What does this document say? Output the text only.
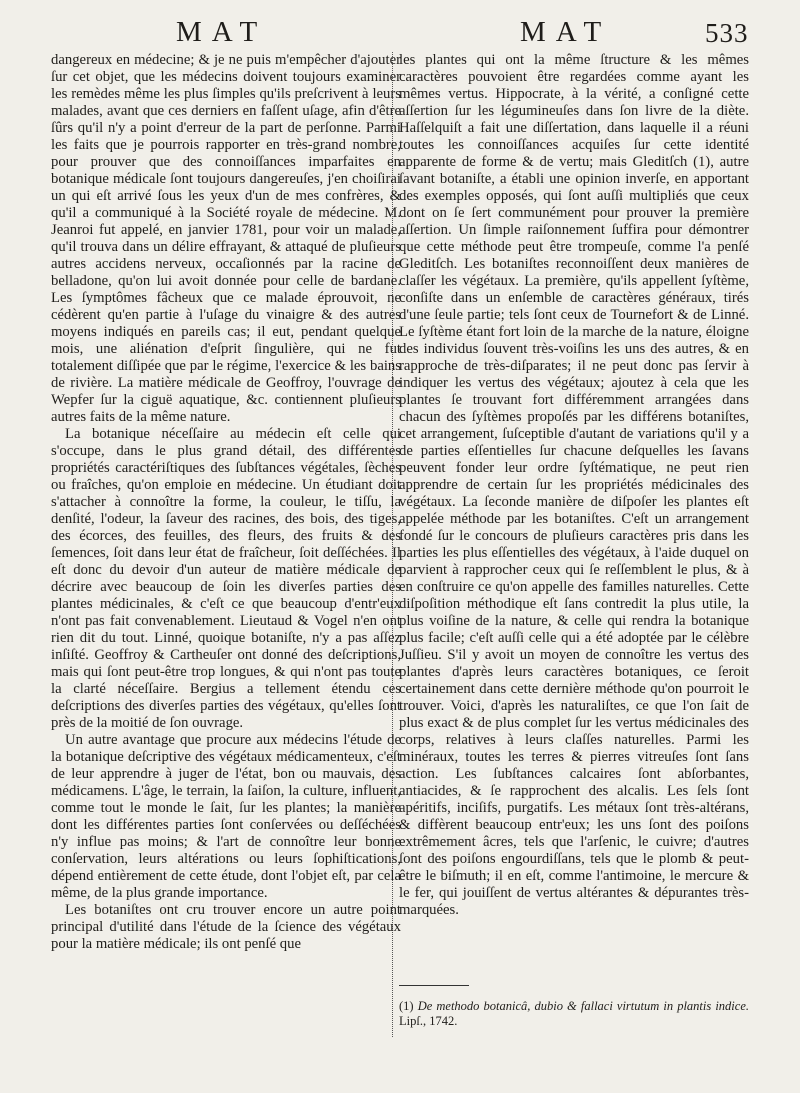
MAT	MAT	533

dangereux en médecine; & je ne puis m'empêcher d'ajouter ſur cet objet, que les médecins doivent toujours examiner les remèdes même les plus ſimples qu'ils preſcrivent à leurs malades, avant que ces derniers en faſſent uſage, afin d'être ſûrs qu'il n'y a point d'erreur de la part de perſonne. Parmi les faits que je pourrois rapporter en très-grand nombre, pour prouver que des connoiſſances imparfaites en botanique médicale ſont toujours dangereuſes, j'en choiſirai un qui eſt arrivé ſous les yeux d'un de mes confrères, & qu'il a communiqué à la Société royale de médecine. M. Jeanroi fut appelé, en janvier 1781, pour voir un malade, qu'il trouva dans un délire effrayant, & attaqué de pluſieurs autres accidens nerveux, occaſionnés par la racine de belladone, qu'on lui avoit donnée pour celle de bardane. Les ſymptômes fâcheux que ce malade éprouvoit, ne cédèrent qu'en partie à l'uſage du vinaigre & des autres moyens indiqués en pareils cas; il eut, pendant quelque mois, une aliénation d'eſprit ſingulière, qui ne fut totalement diſſipée que par le régime, l'exercice & les bains de rivière. La matière médicale de Geoffroy, l'ouvrage de Wepfer ſur la ciguë aquatique, &c. contiennent pluſieurs autres faits de la même nature.

La botanique néceſſaire au médecin eſt celle qui s'occupe, dans le plus grand détail, des différentes propriétés caractériſtiques des ſubſtances végétales, ſèches ou fraîches, qu'on emploie en médecine. Un étudiant doit s'attacher à connoître la forme, la couleur, le tiſſu, la denſité, l'odeur, la ſaveur des racines, des bois, des tiges, des écorces, des feuilles, des fleurs, des fruits & des ſemences, ſoit dans leur état de fraîcheur, ſoit deſſéchées. Il eſt donc du devoir d'un auteur de matière médicale de décrire avec beaucoup de ſoin les diverſes parties des plantes médicinales, & c'eſt ce que beaucoup d'entr'eux n'ont pas fait convenablement. Lieutaud & Vogel n'en ont rien dit du tout. Linné, quoique botaniſte, n'y a pas aſſez inſiſté. Geoffroy & Cartheuſer ont donné des deſcriptions, mais qui ſont peut-être trop longues, & qui n'ont pas toute la clarté néceſſaire. Bergius a tellement étendu ces deſcriptions des diverſes parties des végétaux, qu'elles ſont près de la moitié de ſon ouvrage.

Un autre avantage que procure aux médecins l'étude de la botanique deſcriptive des végétaux médicamenteux, c'eſt de leur apprendre à juger de l'état, bon ou mauvais, des médicamens. L'âge, le terrain, la ſaiſon, la culture, influent, comme tout le monde le ſait, ſur les plantes; la manière dont les différentes parties ſont conſervées ou deſſéchées n'y influe pas moins; & l'art de connoître leur bonne conſervation, leurs altérations ou leurs ſophiſtications, dépend entièrement de cette étude, dont l'objet eſt, par cela même, de la plus grande importance.

Les botaniſtes ont cru trouver encore un autre point principal d'utilité dans l'étude de la ſcience des végétaux pour la matière médicale; ils ont penſé que

les plantes qui ont la même ſtructure & les mêmes caractères pouvoient être regardées comme ayant les mêmes vertus. Hippocrate, à la vérité, a conſigné cette aſſertion ſur les légumineuſes dans ſon livre de la diète. Haſſelquiſt a fait une diſſertation, dans laquelle il a réuni toutes les connoiſſances acquiſes ſur cette identité apparente de forme & de vertu; mais Gleditſch (1), autre ſavant botaniſte, a établi une opinion inverſe, en apportant des exemples opposés, qui ſont auſſi multipliés que ceux dont on ſe ſert communément pour prouver la première aſſertion. Un ſimple raiſonnement ſuffira pour démontrer que cette méthode peut être trompeuſe, comme l'a penſé Gleditſch. Les botaniſtes reconnoiſſent deux manières de claſſer les végétaux. La première, qu'ils appellent ſyſtème, conſiſte dans un enſemble de caractères généraux, tirés d'une ſeule partie; tels ſont ceux de Tournefort & de Linné. Le ſyſtème étant fort loin de la marche de la nature, éloigne des individus ſouvent très-voiſins les uns des autres, & en rapproche de très-diſparates; il ne peut donc pas ſervir à indiquer les vertus des végétaux; ajoutez à cela que les plantes ſe trouvant fort différemment arrangées dans chacun des ſyſtèmes propoſés par les différens botaniſtes, cet arrangement, ſuſceptible d'autant de variations qu'il y a de parties eſſentielles ſur chacune deſquelles les ſavans peuvent fonder leur ordre ſyſtématique, ne peut rien apprendre de certain ſur les propriétés médicinales des végétaux. La ſeconde manière de diſpoſer les plantes eſt appelée méthode par les botaniſtes. C'eſt un arrangement fondé ſur le concours de pluſieurs caractères pris dans les parties les plus eſſentielles des végétaux, à l'aide duquel on parvient à rapprocher ceux qui ſe reſſemblent le plus, & à en conſtruire ce qu'on appelle des familles naturelles. Cette diſpoſition méthodique eſt ſans contredit la plus utile, la plus voiſine de la nature, & celle qui rendra la botanique plus facile; c'eſt auſſi celle qui a été adoptée par le célèbre Juſſieu. S'il y avoit un moyen de connoître les vertus des plantes d'après leurs caractères botaniques, ce ſeroit certainement dans cette dernière méthode qu'on pourroit le trouver. Voici, d'après les naturaliſtes, ce que l'on ſait de plus exact & de plus complet ſur les vertus médicinales des corps, relatives à leurs claſſes naturelles. Parmi les minéraux, toutes les terres & pierres vitreuſes ſont ſans action. Les ſubſtances calcaires ſont abſorbantes, antiacides, & ſe rapprochent des alcalis. Les ſels ſont apéritifs, inciſifs, purgatifs. Les métaux ſont très-altérans, & diffèrent beaucoup entr'eux; les uns ſont des poiſons extrêmement âcres, tels que l'arſenic, le cuivre; d'autres ſont des poiſons engourdiſſans, tels que le plomb & peut-être le biſmuth; il en eſt, comme l'antimoine, le mercure & le fer, qui jouiſſent de vertus altérantes & dépurantes très-marquées.

(1) De methodo botanicâ, dubio & fallaci virtutum in plantis indice. Lipſ., 1742.
